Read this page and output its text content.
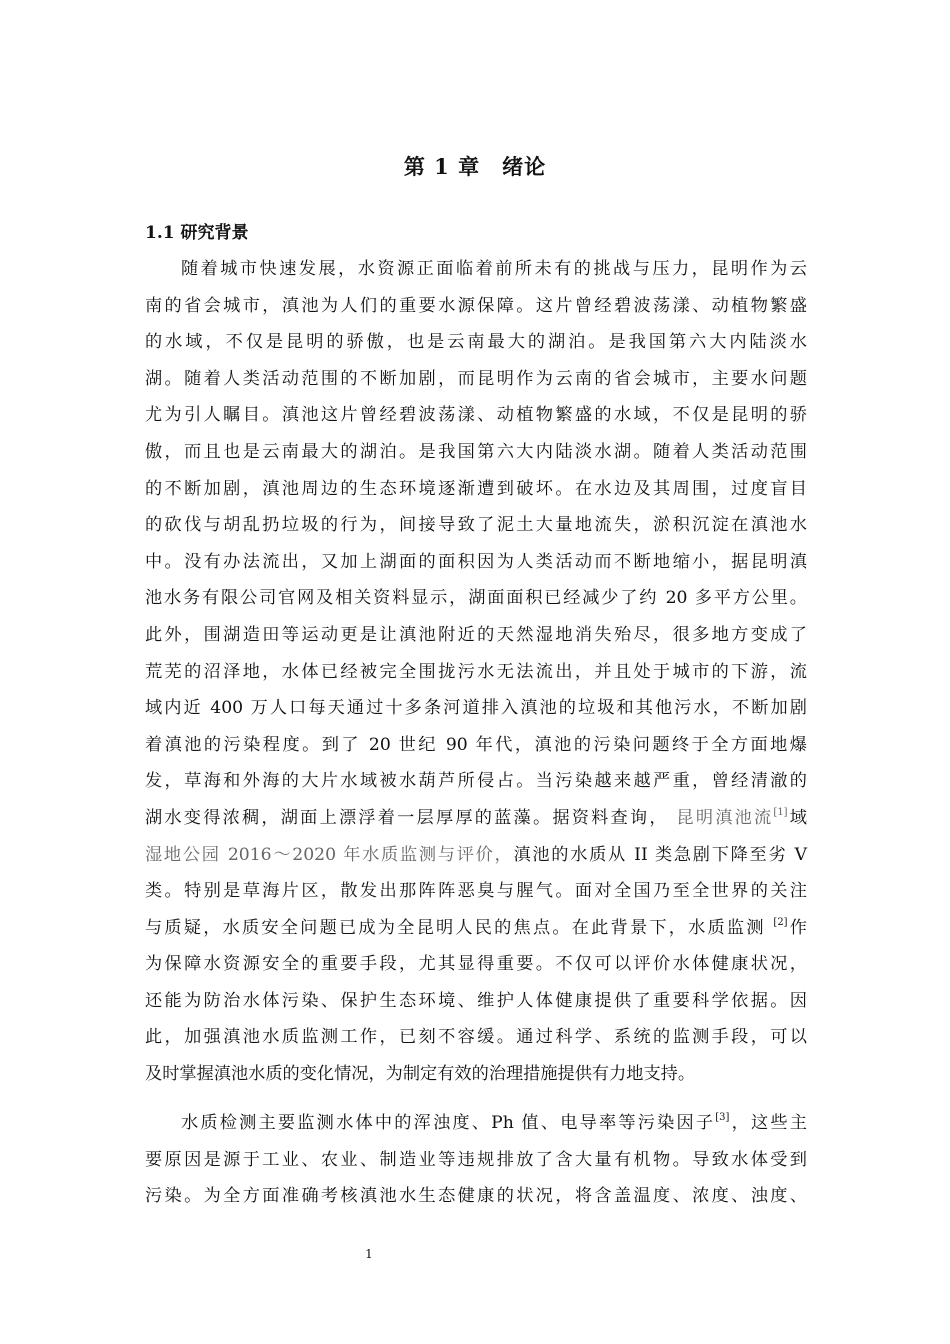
第 1 章　绪论
1.1 研究背景
随着城市快速发展，水资源正面临着前所未有的挑战与压力，昆明作为云
南的省会城市，滇池为人们的重要水源保障。这片曾经碧波荡漾、动植物繁盛
的水域，不仅是昆明的骄傲，也是云南最大的湖泊。是我国第六大内陆淡水
湖。随着人类活动范围的不断加剧，而昆明作为云南的省会城市，主要水问题
尤为引人瞩目。滇池这片曾经碧波荡漾、动植物繁盛的水域，不仅是昆明的骄
傲，而且也是云南最大的湖泊。是我国第六大内陆淡水湖。随着人类活动范围
的不断加剧，滇池周边的生态环境逐渐遭到破坏。在水边及其周围，过度盲目
的砍伐与胡乱扔垃圾的行为，间接导致了泥土大量地流失，淤积沉淀在滇池水
中。没有办法流出，又加上湖面的面积因为人类活动而不断地缩小，据昆明滇
池水务有限公司官网及相关资料显示，湖面面积已经减少了约 20 多平方公里。
此外，围湖造田等运动更是让滇池附近的天然湿地消失殆尽，很多地方变成了
荒芜的沼泽地，水体已经被完全围拢污水无法流出，并且处于城市的下游，流
域内近 400 万人口每天通过十多条河道排入滇池的垃圾和其他污水，不断加剧
着滇池的污染程度。到了 20 世纪 90 年代，滇池的污染问题终于全方面地爆
发，草海和外海的大片水域被水葫芦所侵占。当污染越来越严重，曾经清澈的
湖水变得浓稠，湖面上漂浮着一层厚厚的蓝藻。据资料查询， 昆明滇池流[1]域
湿地公园 2016～2020 年水质监测与评价，滇池的水质从 II 类急剧下降至劣 V
类。特别是草海片区，散发出那阵阵恶臭与腥气。面对全国乃至全世界的关注
与质疑，水质安全问题已成为全昆明人民的焦点。在此背景下，水质监测 [2]作
为保障水资源安全的重要手段，尤其显得重要。不仅可以评价水体健康状况，
还能为防治水体污染、保护生态环境、维护人体健康提供了重要科学依据。因
此，加强滇池水质监测工作，已刻不容缓。通过科学、系统的监测手段，可以
及时掌握滇池水质的变化情况，为制定有效的治理措施提供有力地支持。
水质检测主要监测水体中的浑浊度、Ph 值、电导率等污染因子[3]，这些主
要原因是源于工业、农业、制造业等违规排放了含大量有机物。导致水体受到
污染。为全方面准确考核滇池水生态健康的状况，将含盖温度、浓度、浊度、
1
